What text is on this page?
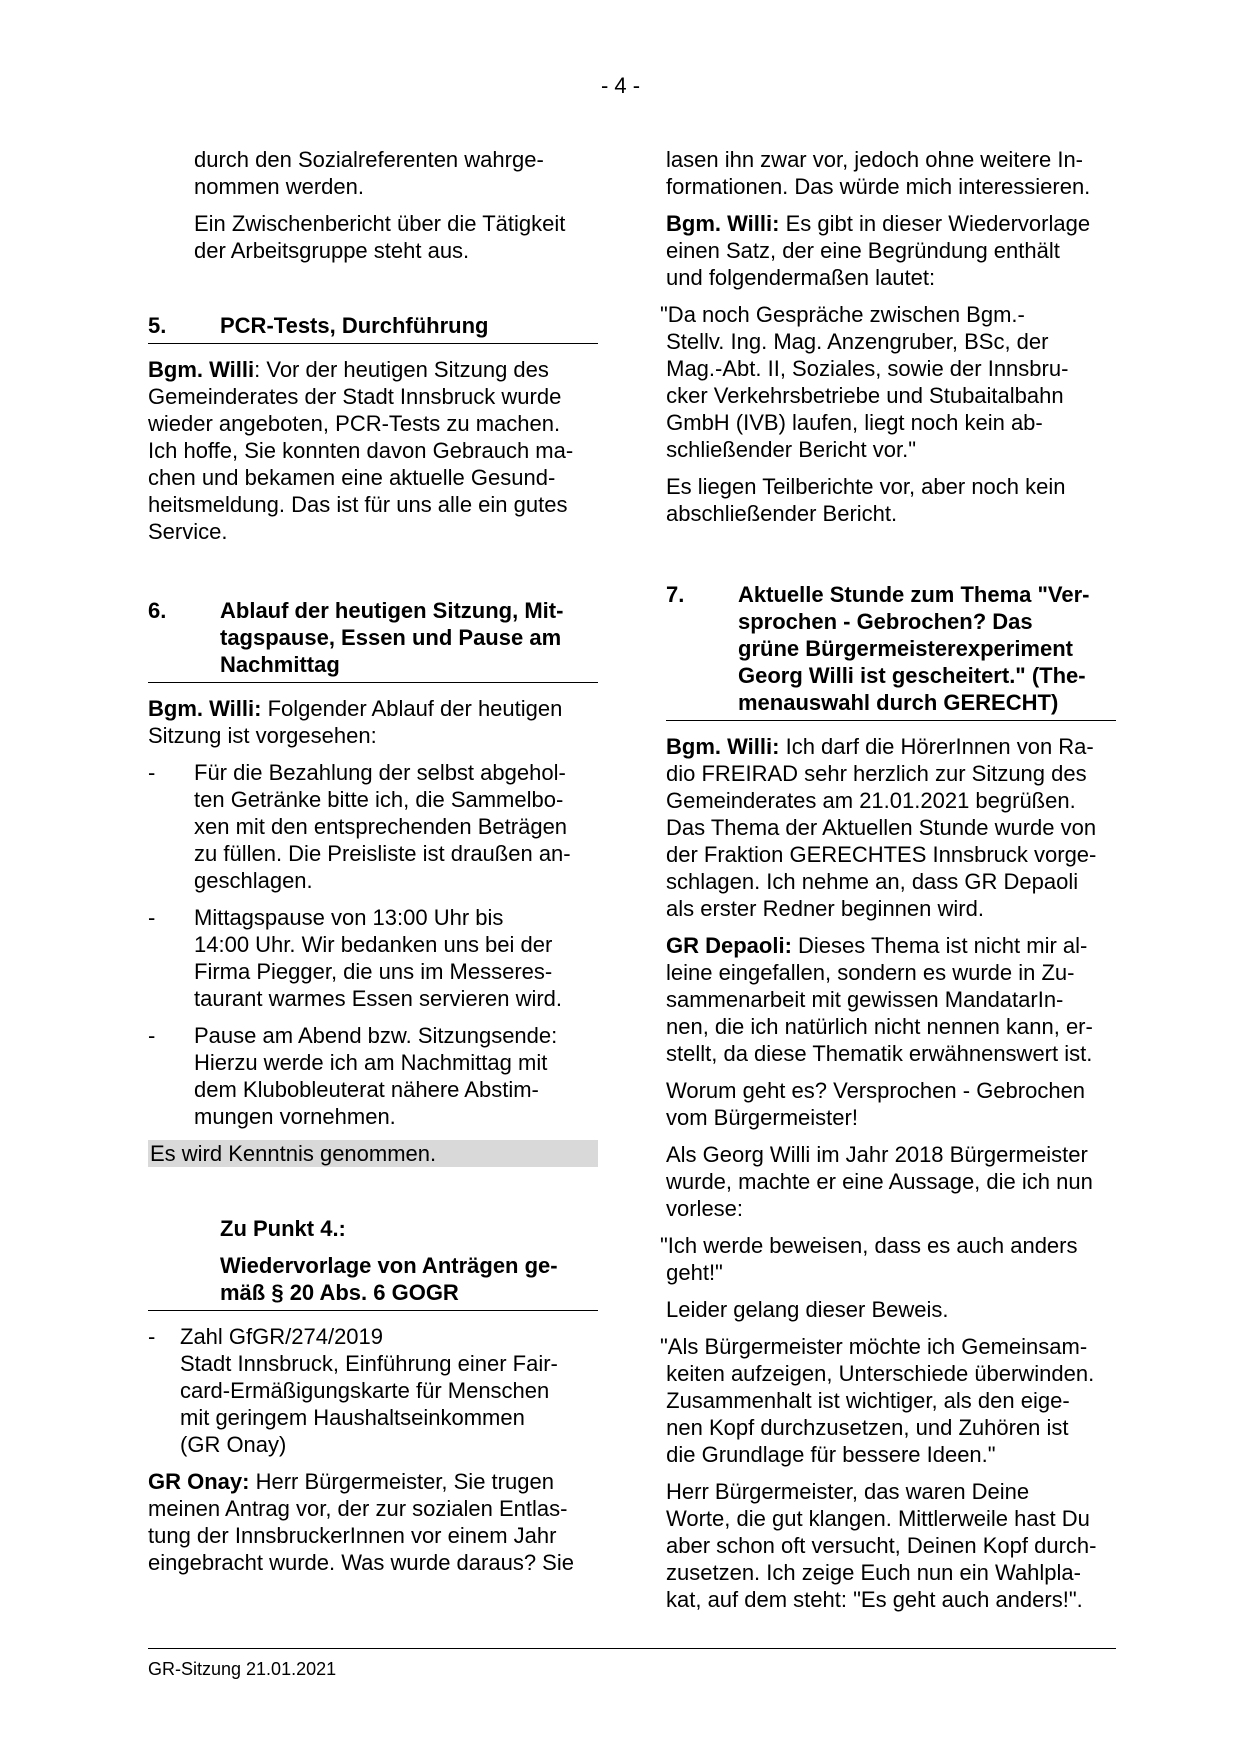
- 4 -

durch den Sozialreferenten wahrge-
nommen werden.

Ein Zwischenbericht über die Tätigkeit
der Arbeitsgruppe steht aus.

5.	PCR-Tests, Durchführung

Bgm. Willi: Vor der heutigen Sitzung des
Gemeinderates der Stadt Innsbruck wurde
wieder angeboten, PCR-Tests zu machen.
Ich hoffe, Sie konnten davon Gebrauch ma-
chen und bekamen eine aktuelle Gesund-
heitsmeldung. Das ist für uns alle ein gutes
Service.

6.	Ablauf der heutigen Sitzung, Mit-
tagspause, Essen und Pause am
Nachmittag

Bgm. Willi: Folgender Ablauf der heutigen
Sitzung ist vorgesehen:

-	Für die Bezahlung der selbst abgehol-
ten Getränke bitte ich, die Sammelbo-
xen mit den entsprechenden Beträgen
zu füllen. Die Preisliste ist draußen an-
geschlagen.
-	Mittagspause von 13:00 Uhr bis
14:00 Uhr. Wir bedanken uns bei der
Firma Piegger, die uns im Messeres-
taurant warmes Essen servieren wird.
-	Pause am Abend bzw. Sitzungsende:
Hierzu werde ich am Nachmittag mit
dem Klubobleuterat nähere Abstim-
mungen vornehmen.
Es wird Kenntnis genommen.

Zu Punkt 4.:

Wiedervorlage von Anträgen ge-
mäß § 20 Abs. 6 GOGR
-	Zahl GfGR/274/2019
Stadt Innsbruck, Einführung einer Fair-
card-Ermäßigungskarte für Menschen
mit geringem Haushaltseinkommen
(GR Onay)

GR Onay: Herr Bürgermeister, Sie trugen
meinen Antrag vor, der zur sozialen Entlas-
tung der InnsbruckerInnen vor einem Jahr
eingebracht wurde. Was wurde daraus? Sie

lasen ihn zwar vor, jedoch ohne weitere In-
formationen. Das würde mich interessieren.

Bgm. Willi: Es gibt in dieser Wiedervorlage
einen Satz, der eine Begründung enthält
und folgendermaßen lautet:

"Da noch Gespräche zwischen Bgm.-
Stellv. Ing. Mag. Anzengruber, BSc, der
Mag.-Abt. II, Soziales, sowie der Innsbru-
cker Verkehrsbetriebe und Stubaitalbahn
GmbH (IVB) laufen, liegt noch kein ab-
schließender Bericht vor."

Es liegen Teilberichte vor, aber noch kein
abschließender Bericht.

7.	Aktuelle Stunde zum Thema "Ver-
sprochen - Gebrochen? Das
grüne Bürgermeisterexperiment
Georg Willi ist gescheitert." (The-
menauswahl durch GERECHT)

Bgm. Willi: Ich darf die HörerInnen von Ra-
dio FREIRAD sehr herzlich zur Sitzung des
Gemeinderates am 21.01.2021 begrüßen.
Das Thema der Aktuellen Stunde wurde von
der Fraktion GERECHTES Innsbruck vorge-
schlagen. Ich nehme an, dass GR Depaoli
als erster Redner beginnen wird.

GR Depaoli: Dieses Thema ist nicht mir al-
leine eingefallen, sondern es wurde in Zu-
sammenarbeit mit gewissen MandatarIn-
nen, die ich natürlich nicht nennen kann, er-
stellt, da diese Thematik erwähnenswert ist.

Worum geht es? Versprochen - Gebrochen
vom Bürgermeister!

Als Georg Willi im Jahr 2018 Bürgermeister
wurde, machte er eine Aussage, die ich nun
vorlese:

"Ich werde beweisen, dass es auch anders
geht!"

Leider gelang dieser Beweis.

"Als Bürgermeister möchte ich Gemeinsam-
keiten aufzeigen, Unterschiede überwinden.
Zusammenhalt ist wichtiger, als den eige-
nen Kopf durchzusetzen, und Zuhören ist
die Grundlage für bessere Ideen."

Herr Bürgermeister, das waren Deine
Worte, die gut klangen. Mittlerweile hast Du
aber schon oft versucht, Deinen Kopf durch-
zusetzen. Ich zeige Euch nun ein Wahlpla-
kat, auf dem steht: "Es geht auch anders!".

GR-Sitzung 21.01.2021
